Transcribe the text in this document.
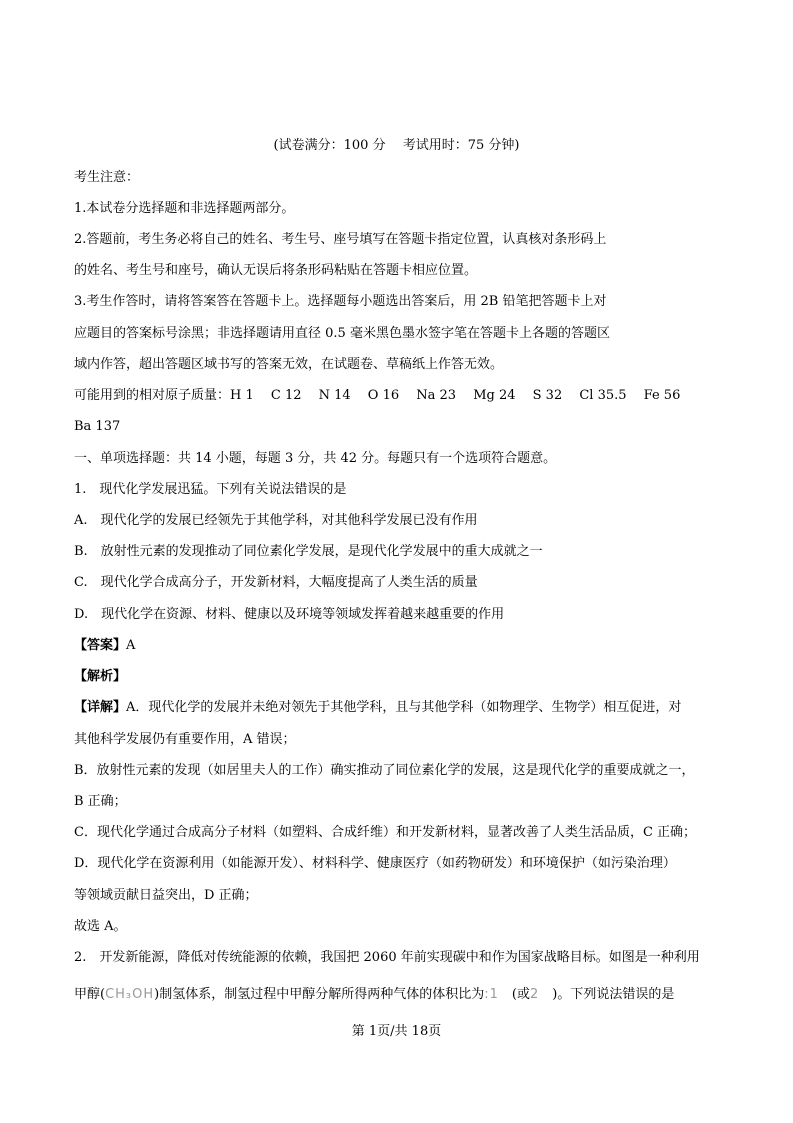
(试卷满分：100 分　 考试用时：75 分钟)
考生注意：
1.本试卷分选择题和非选择题两部分。
2.答题前，考生务必将自己的姓名、考生号、座号填写在答题卡指定位置，认真核对条形码上
的姓名、考生号和座号，确认无误后将条形码粘贴在答题卡相应位置。
3.考生作答时，请将答案答在答题卡上。选择题每小题选出答案后，用 2B 铅笔把答题卡上对
应题目的答案标号涂黑；非选择题请用直径 0.5 毫米黑色墨水签字笔在答题卡上各题的答题区
域内作答，超出答题区域书写的答案无效，在试题卷、草稿纸上作答无效。
可能用到的相对原子质量：H 1　 C 12　 N 14　 O 16　 Na 23　 Mg 24　 S 32　 Cl 35.5　 Fe 56
Ba 137
一、单项选择题：共 14 小题，每题 3 分，共 42 分。每题只有一个选项符合题意。
1.　现代化学发展迅猛。下列有关说法错误的是
A.　现代化学的发展已经领先于其他学科，对其他科学发展已没有作用
B.　放射性元素的发现推动了同位素化学发展，是现代化学发展中的重大成就之一
C.　现代化学合成高分子，开发新材料，大幅度提高了人类生活的质量
D.　现代化学在资源、材料、健康以及环境等领域发挥着越来越重要的作用
【答案】A
【解析】
【详解】A．现代化学的发展并未绝对领先于其他学科，且与其他学科（如物理学、生物学）相互促进，对
其他科学发展仍有重要作用，A 错误；
B．放射性元素的发现（如居里夫人的工作）确实推动了同位素化学的发展，这是现代化学的重要成就之一，
B 正确；
C．现代化学通过合成高分子材料（如塑料、合成纤维）和开发新材料，显著改善了人类生活品质，C 正确；
D．现代化学在资源利用（如能源开发）、材料科学、健康医疗（如药物研发）和环境保护（如污染治理）
等领域贡献日益突出，D 正确；
故选 A。
2.　开发新能源，降低对传统能源的依赖，我国把 2060 年前实现碳中和作为国家战略目标。如图是一种利用
甲醇(CH₃OH)制氢体系，制氢过程中甲醇分解所得两种气体的体积比为:1　(或2　)。下列说法错误的是
第 1页/共 18页
